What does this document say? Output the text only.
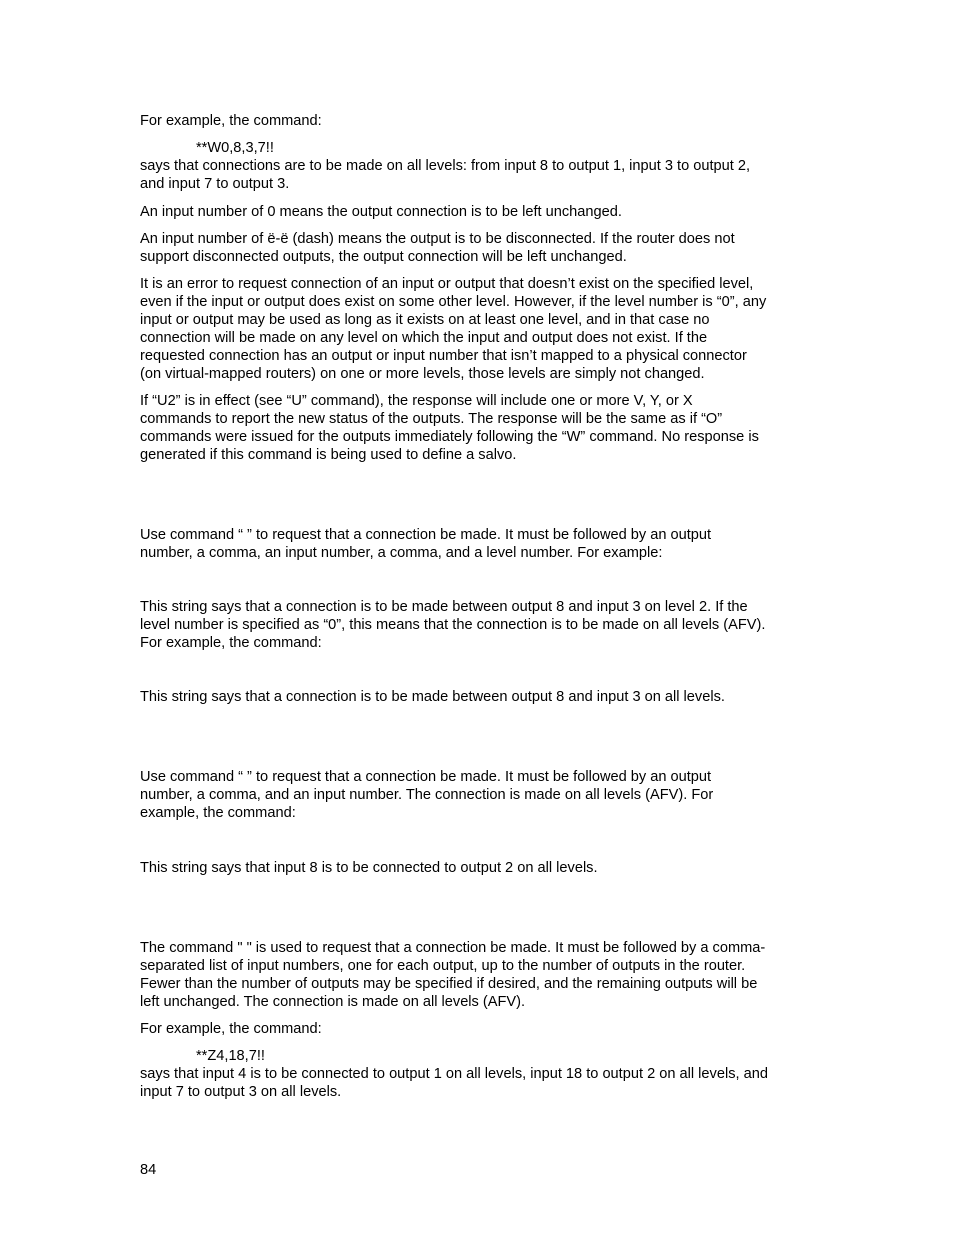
For example, the command:
**W0,8,3,7!!
says that connections are to be made on all levels: from input 8 to output 1, input 3 to output 2,
and input 7 to output 3.
An input number of 0 means the output connection is to be left unchanged.
An input number of ë-ë (dash) means the output is to be disconnected. If the router does not
support disconnected outputs, the output connection will be left unchanged.
It is an error to request connection of an input or output that doesn’t exist on the specified level,
even if the input or output does exist on some other level. However, if the level number is “0”, any
input or output may be used as long as it exists on at least one level, and in that case no
connection will be made on any level on which the input and output does not exist. If the
requested connection has an output or input number that isn’t mapped to a physical connector
(on virtual-mapped routers) on one or more levels, those levels are simply not changed.
If “U2” is in effect (see “U” command), the response will include one or more V, Y, or X
commands to report the new status of the outputs. The response will be the same as if “O”
commands were issued for the outputs immediately following the “W” command. No response is
generated if this command is being used to define a salvo.
Use command “ ” to request that a connection be made. It must be followed by an output
number, a comma, an input number, a comma, and a level number. For example:
This string says that a connection is to be made between output 8 and input 3 on level 2. If the
level number is specified as “0”, this means that the connection is to be made on all levels (AFV).
For example, the command:
This string says that a connection is to be made between output 8 and input 3 on all levels.
Use command “ ” to request that a connection be made. It must be followed by an output
number, a comma, and an input number. The connection is made on all levels (AFV). For
example, the command:
This string says that input 8 is to be connected to output 2 on all levels.
The command " " is used to request that a connection be made. It must be followed by a comma-
separated list of input numbers, one for each output, up to the number of outputs in the router.
Fewer than the number of outputs may be specified if desired, and the remaining outputs will be
left unchanged. The connection is made on all levels (AFV).
For example, the command:
**Z4,18,7!!
says that input 4 is to be connected to output 1 on all levels, input 18 to output 2 on all levels, and
input 7 to output 3 on all levels.
84
